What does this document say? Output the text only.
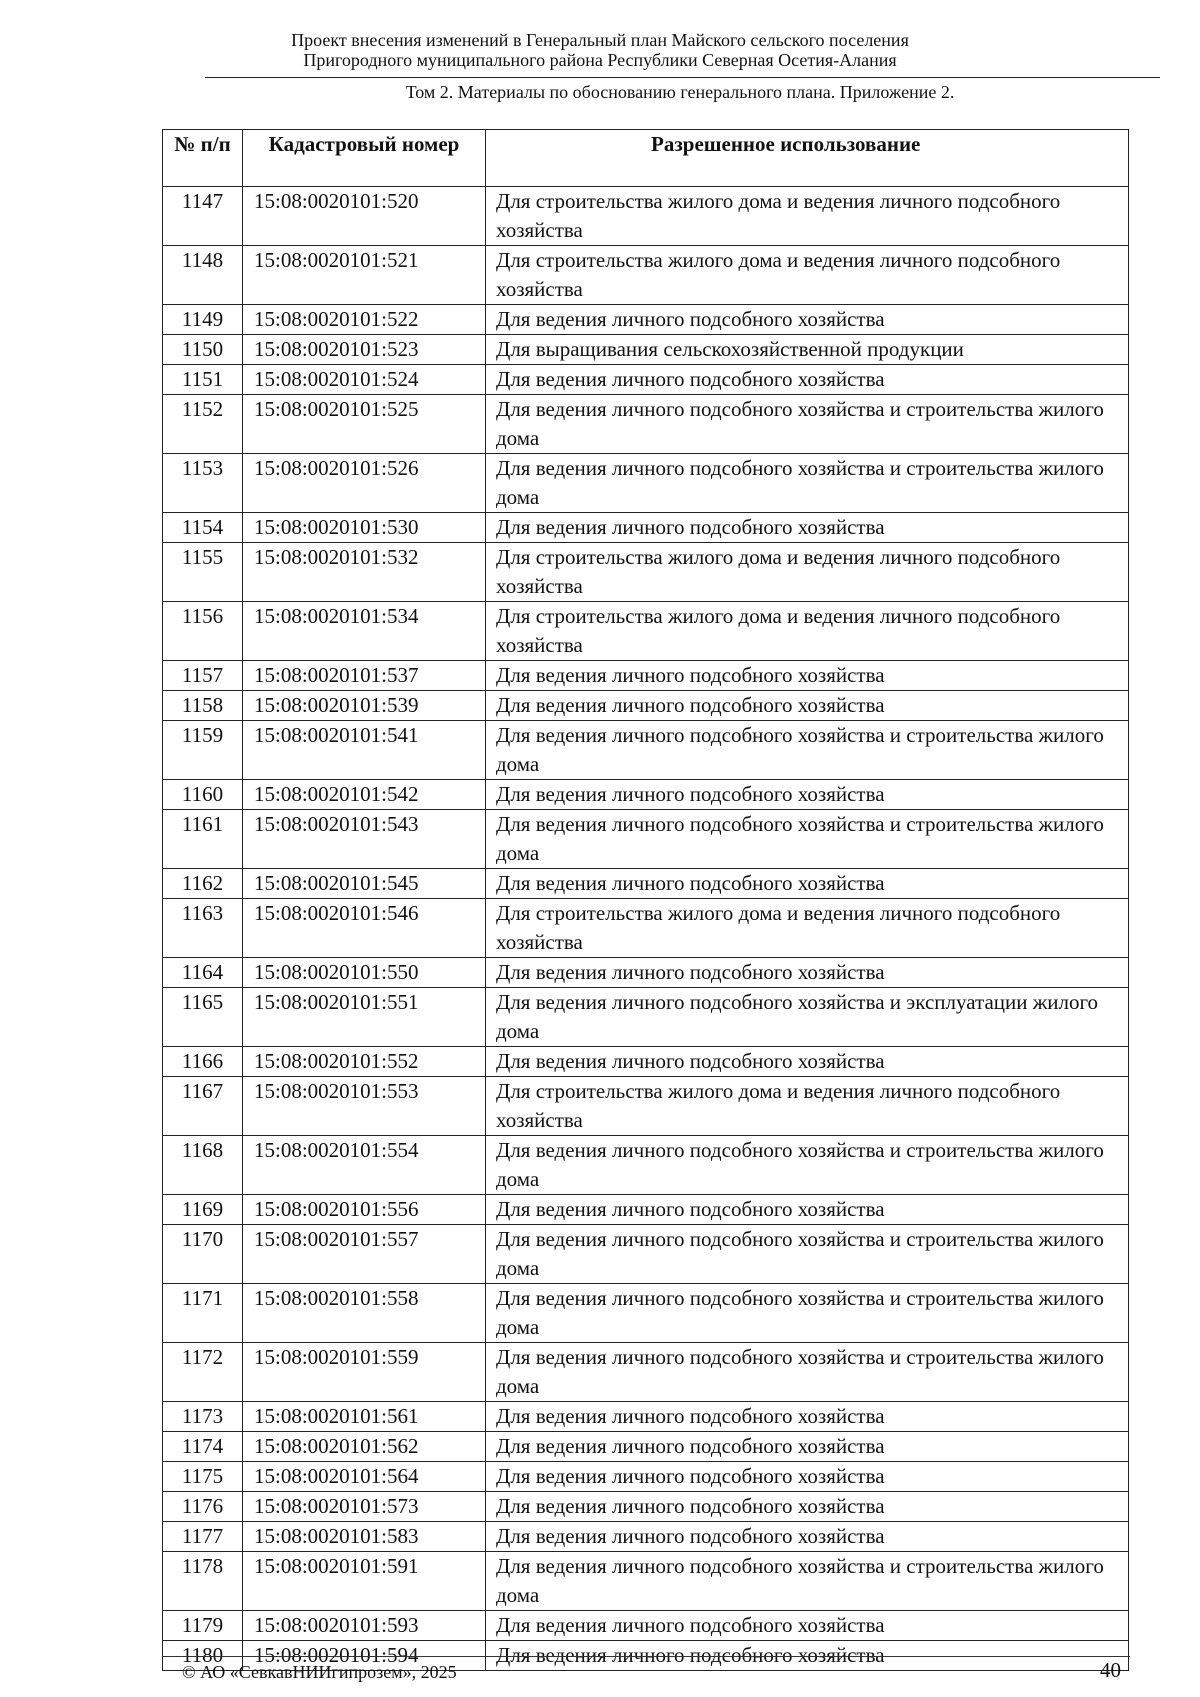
Проект внесения изменений в Генеральный план Майского сельского поселения
Пригородного муниципального района Республики Северная Осетия-Алания
Том 2. Материалы по обоснованию генерального плана. Приложение 2.
№ п/п	Кадастровый номер	Разрешенное использование
1147	15:08:0020101:520	Для строительства жилого дома и ведения личного подсобного хозяйства
1148	15:08:0020101:521	Для строительства жилого дома и ведения личного подсобного хозяйства
1149	15:08:0020101:522	Для ведения личного подсобного хозяйства
1150	15:08:0020101:523	Для выращивания сельскохозяйственной продукции
1151	15:08:0020101:524	Для ведения личного подсобного хозяйства
1152	15:08:0020101:525	Для ведения личного подсобного хозяйства и строительства жилого дома
1153	15:08:0020101:526	Для ведения личного подсобного хозяйства и строительства жилого дома
1154	15:08:0020101:530	Для ведения личного подсобного хозяйства
1155	15:08:0020101:532	Для строительства жилого дома и ведения личного подсобного хозяйства
1156	15:08:0020101:534	Для строительства жилого дома и ведения личного подсобного хозяйства
1157	15:08:0020101:537	Для ведения личного подсобного хозяйства
1158	15:08:0020101:539	Для ведения личного подсобного хозяйства
1159	15:08:0020101:541	Для ведения личного подсобного хозяйства и строительства жилого дома
1160	15:08:0020101:542	Для ведения личного подсобного хозяйства
1161	15:08:0020101:543	Для ведения личного подсобного хозяйства и строительства жилого дома
1162	15:08:0020101:545	Для ведения личного подсобного хозяйства
1163	15:08:0020101:546	Для строительства жилого дома и ведения личного подсобного хозяйства
1164	15:08:0020101:550	Для ведения личного подсобного хозяйства
1165	15:08:0020101:551	Для ведения личного подсобного хозяйства и эксплуатации жилого дома
1166	15:08:0020101:552	Для ведения личного подсобного хозяйства
1167	15:08:0020101:553	Для строительства жилого дома и ведения личного подсобного хозяйства
1168	15:08:0020101:554	Для ведения личного подсобного хозяйства и строительства жилого дома
1169	15:08:0020101:556	Для ведения личного подсобного хозяйства
1170	15:08:0020101:557	Для ведения личного подсобного хозяйства и строительства жилого дома
1171	15:08:0020101:558	Для ведения личного подсобного хозяйства и строительства жилого дома
1172	15:08:0020101:559	Для ведения личного подсобного хозяйства и строительства жилого дома
1173	15:08:0020101:561	Для ведения личного подсобного хозяйства
1174	15:08:0020101:562	Для ведения личного подсобного хозяйства
1175	15:08:0020101:564	Для ведения личного подсобного хозяйства
1176	15:08:0020101:573	Для ведения личного подсобного хозяйства
1177	15:08:0020101:583	Для ведения личного подсобного хозяйства
1178	15:08:0020101:591	Для ведения личного подсобного хозяйства и строительства жилого дома
1179	15:08:0020101:593	Для ведения личного подсобного хозяйства
1180	15:08:0020101:594	Для ведения личного подсобного хозяйства
© АО «СевкавНИИгипрозем», 2025	40
